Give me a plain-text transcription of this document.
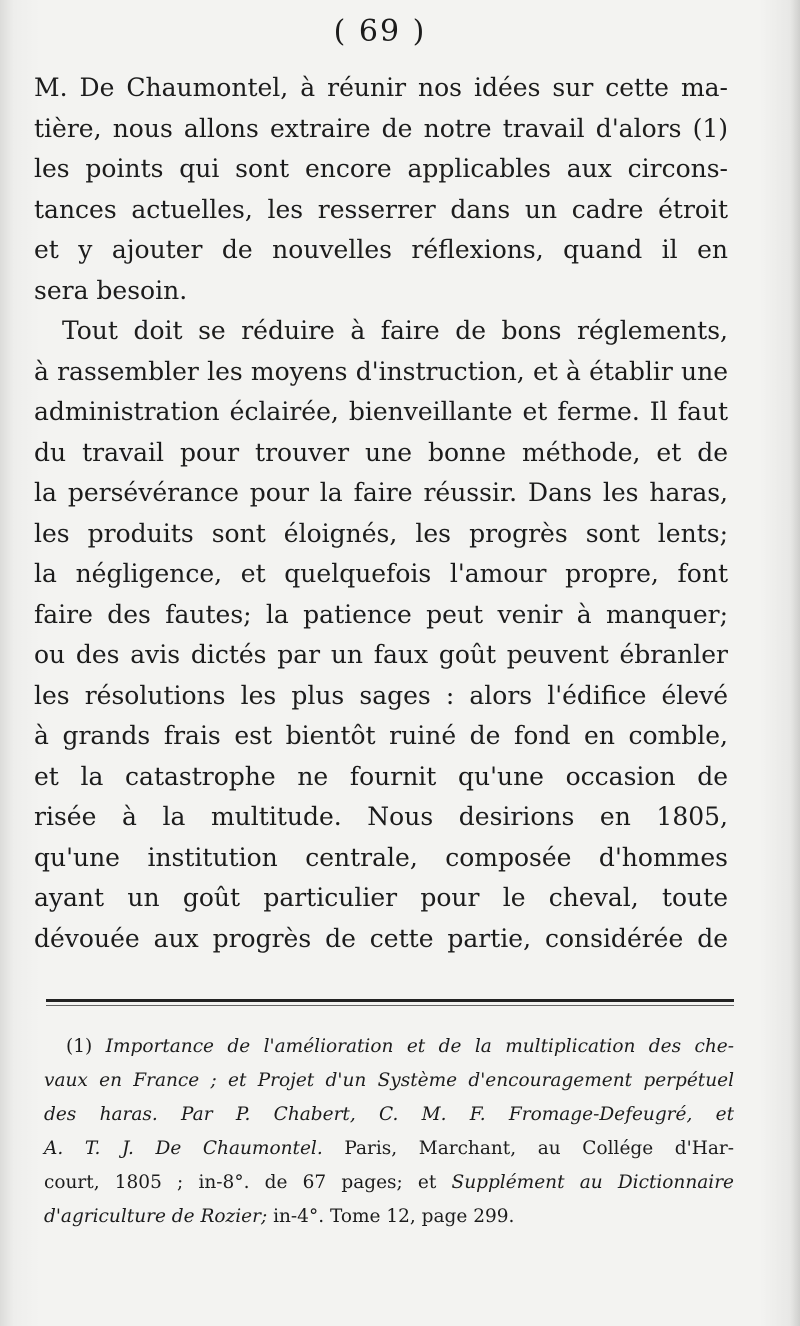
( 69 )
M. De Chaumontel, à réunir nos idées sur cette ma-
tière, nous allons extraire de notre travail d'alors (1)
les points qui sont encore applicables aux circons-
tances actuelles, les resserrer dans un cadre étroit
et y ajouter de nouvelles réflexions, quand il en
sera besoin.
Tout doit se réduire à faire de bons réglements,
à rassembler les moyens d'instruction, et à établir une
administration éclairée, bienveillante et ferme. Il faut
du travail pour trouver une bonne méthode, et de
la persévérance pour la faire réussir. Dans les haras,
les produits sont éloignés, les progrès sont lents;
la négligence, et quelquefois l'amour propre, font
faire des fautes; la patience peut venir à manquer;
ou des avis dictés par un faux goût peuvent ébranler
les résolutions les plus sages : alors l'édifice élevé
à grands frais est bientôt ruiné de fond en comble,
et la catastrophe ne fournit qu'une occasion de
risée à la multitude. Nous desirions en 1805,
qu'une institution centrale, composée d'hommes
ayant un goût particulier pour le cheval, toute
dévouée aux progrès de cette partie, considérée de
(1) Importance de l'amélioration et de la multiplication des che-
vaux en France ; et Projet d'un Système d'encouragement perpétuel
des haras. Par P. Chabert, C. M. F. Fromage-Defeugré, et
A. T. J. De Chaumontel. Paris, Marchant, au Collége d'Har-
court, 1805 ; in-8°. de 67 pages; et Supplément au Dictionnaire
d'agriculture de Rozier; in-4°. Tome 12, page 299.
